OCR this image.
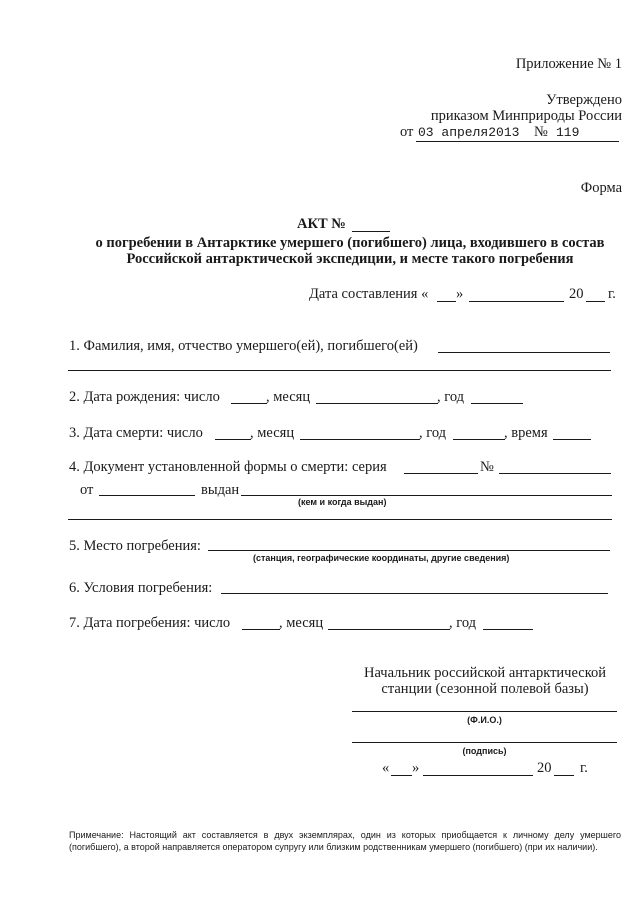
Приложение № 1
Утверждено
приказом Минприроды России
от 03 апреля2013 № 119
Форма
АКТ №
о погребении в Антарктике умершего (погибшего) лица, входившего в состав
Российской антарктической экспедиции, и месте такого погребения
Дата составления « »	20 г.
1. Фамилия, имя, отчество умершего(ей), погибшего(ей)
2. Дата рождения: число	, месяц	, год
3. Дата смерти: число	, месяц	, год	, время
4. Документ установленной формы о смерти: серия	№
от	выдан
(кем и когда выдан)
5. Место погребения:
(станция, географические координаты, другие сведения)
6. Условия погребения:
7. Дата погребения: число	, месяц	, год
Начальник российской антарктической
станции (сезонной полевой базы)
(Ф.И.О.)
(подпись)
« »	20 г.
Примечание: Настоящий акт составляется в двух экземплярах, один из которых приобщается к личному делу умершего (погибшего), а второй направляется оператором супругу или близким родственникам умершего (погибшего) (при их наличии).
